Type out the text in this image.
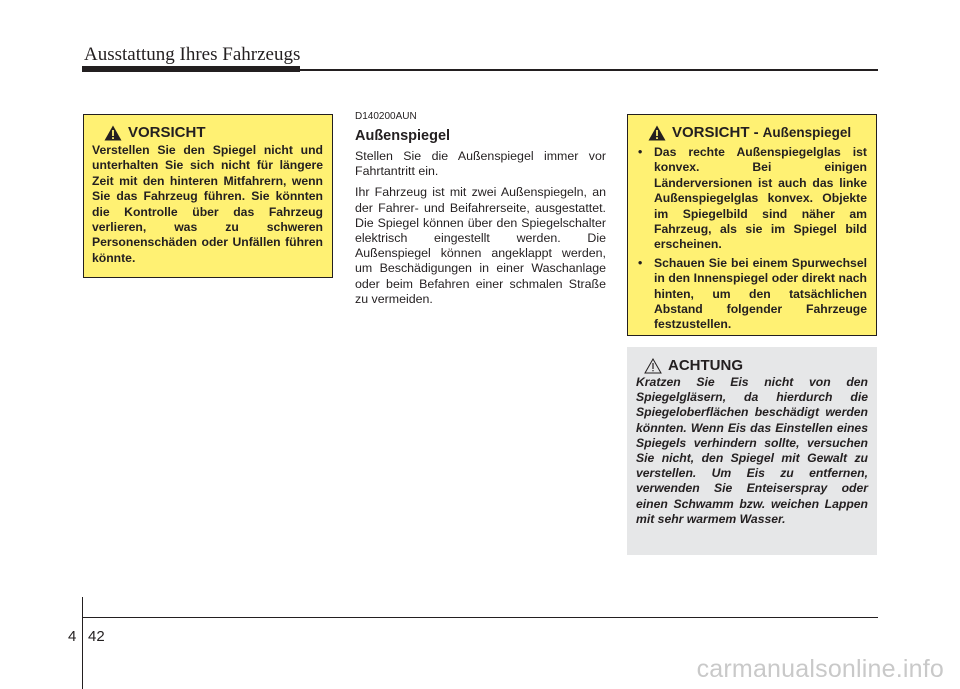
Ausstattung Ihres Fahrzeugs
VORSICHT
Verstellen Sie den Spiegel nicht und unterhalten Sie sich nicht für längere Zeit mit den hinteren Mitfahrern, wenn Sie das Fahrzeug führen. Sie könnten die Kontrolle über das Fahrzeug verlieren, was zu schweren Personenschäden oder Unfällen führen könnte.
D140200AUN
Außenspiegel

Stellen Sie die Außenspiegel immer vor Fahrtantritt ein.

Ihr Fahrzeug ist mit zwei Außenspiegeln, an der Fahrer- und Beifahrerseite, ausgestattet. Die Spiegel können über den Spiegelschalter elektrisch eingestellt werden. Die Außenspiegel können angeklappt werden, um Beschädigungen in einer Waschanlage oder beim Befahren einer schmalen Straße zu vermeiden.

VORSICHT - Außenspiegel
• Das rechte Außenspiegelglas ist konvex. Bei einigen Länderversionen ist auch das linke Außenspiegelglas konvex. Objekte im Spiegelbild sind näher am Fahrzeug, als sie im Spiegel bild erscheinen.
• Schauen Sie bei einem Spurwechsel in den Innenspiegel oder direkt nach hinten, um den tatsächlichen Abstand folgender Fahrzeuge festzustellen.
ACHTUNG
Kratzen Sie Eis nicht von den Spiegelgläsern, da hierdurch die Spiegeloberflächen beschädigt werden könnten. Wenn Eis das Einstellen eines Spiegels verhindern sollte, versuchen Sie nicht, den Spiegel mit Gewalt zu verstellen. Um Eis zu entfernen, verwenden Sie Enteiserspray oder einen Schwamm bzw. weichen Lappen mit sehr warmem Wasser.
4 42
carmanualsonline.info
